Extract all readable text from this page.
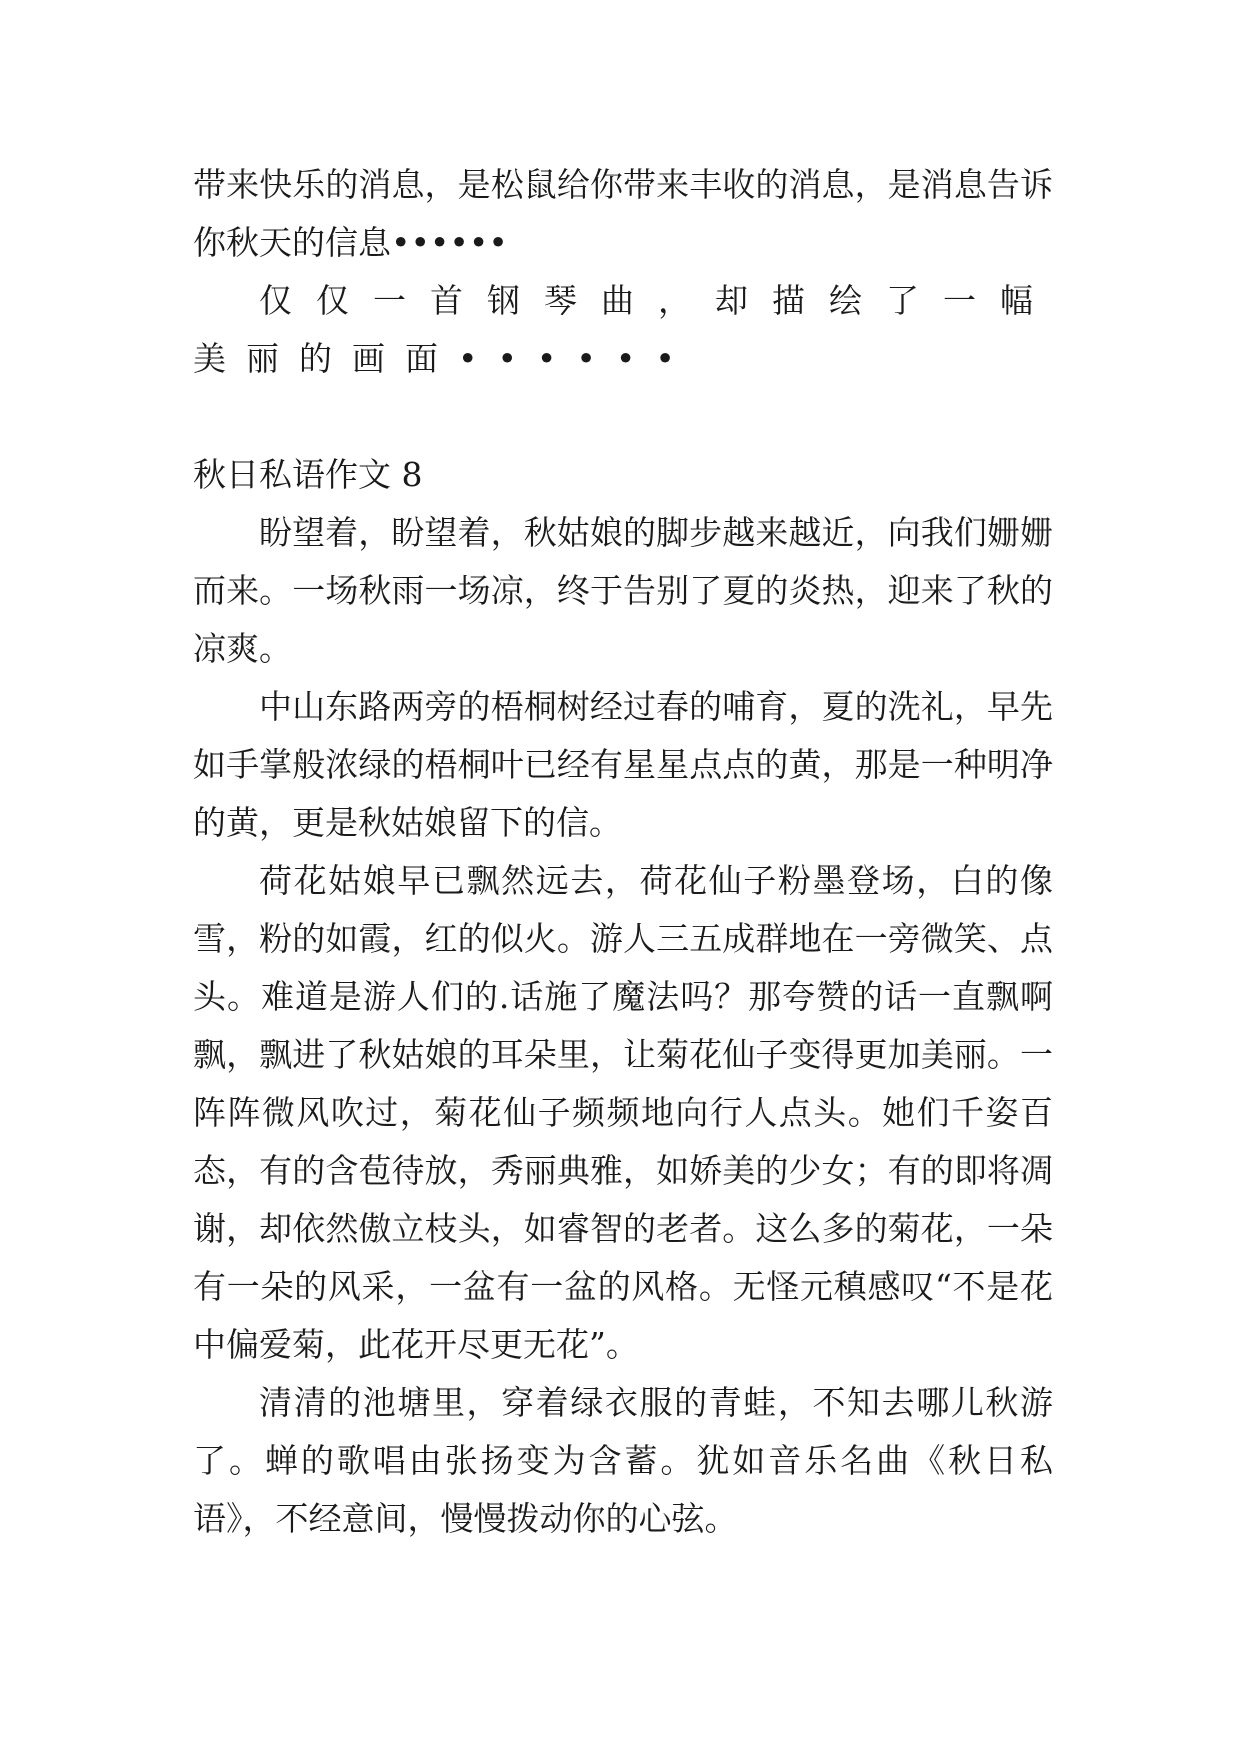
带来快乐的消息，是松鼠给你带来丰收的消息，是消息告诉你秋天的信息••••••

仅仅一首钢琴曲，却描绘了一幅美丽的画面••••••

秋日私语作文 8

盼望着，盼望着，秋姑娘的脚步越来越近，向我们姗姗而来。一场秋雨一场凉，终于告别了夏的炎热，迎来了秋的凉爽。

中山东路两旁的梧桐树经过春的哺育，夏的洗礼，早先如手掌般浓绿的梧桐叶已经有星星点点的黄，那是一种明净的黄，更是秋姑娘留下的信。

荷花姑娘早已飘然远去，荷花仙子粉墨登场，白的像雪，粉的如霞，红的似火。游人三五成群地在一旁微笑、点头。难道是游人们的.话施了魔法吗？那夸赞的话一直飘啊飘，飘进了秋姑娘的耳朵里，让菊花仙子变得更加美丽。一阵阵微风吹过，菊花仙子频频地向行人点头。她们千姿百态，有的含苞待放，秀丽典雅，如娇美的少女；有的即将凋谢，却依然傲立枝头，如睿智的老者。这么多的菊花，一朵有一朵的风采，一盆有一盆的风格。无怪元稹感叹“不是花中偏爱菊，此花开尽更无花”。

清清的池塘里，穿着绿衣服的青蛙，不知去哪儿秋游了。蝉的歌唱由张扬变为含蓄。犹如音乐名曲《秋日私语》，不经意间，慢慢拨动你的心弦。
